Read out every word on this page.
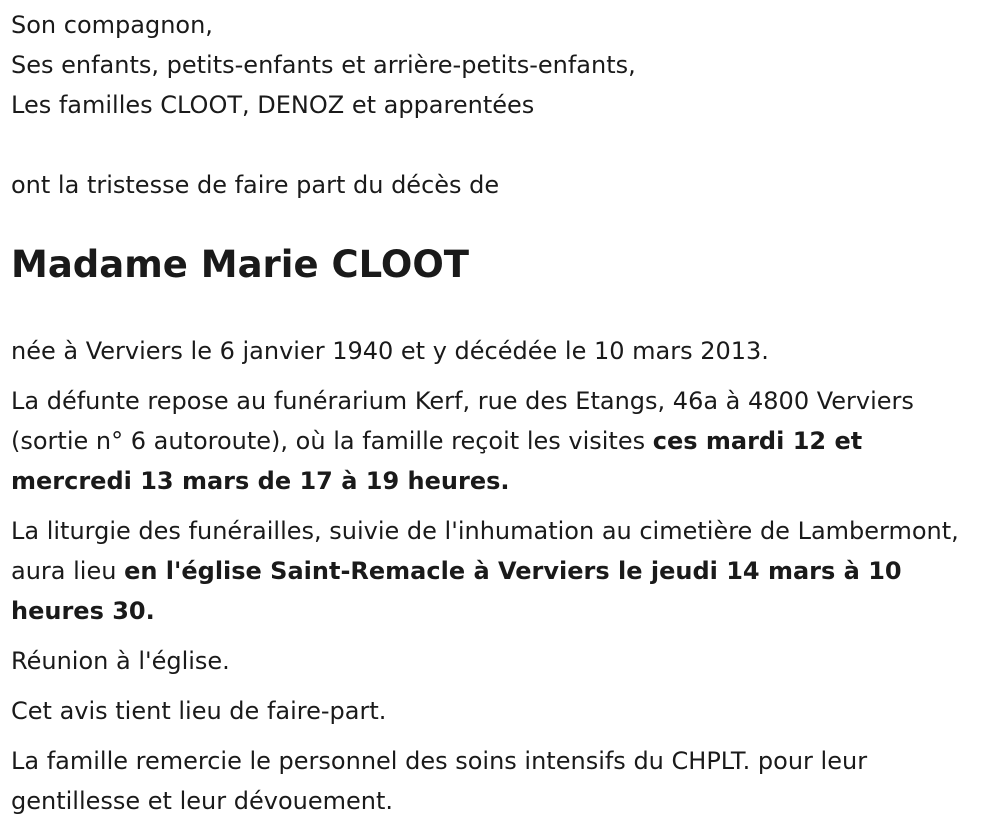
Son compagnon,

Ses enfants, petits-enfants et arrière-petits-enfants,

Les familles CLOOT, DENOZ et apparentées

ont la tristesse de faire part du décès de

Madame Marie CLOOT

née à Verviers le 6 janvier 1940 et y décédée le 10 mars 2013.

La défunte repose au funérarium Kerf, rue des Etangs, 46a à 4800 Verviers (sortie n° 6 autoroute), où la famille reçoit les visites ces mardi 12 et mercredi 13 mars de 17 à 19 heures.

La liturgie des funérailles, suivie de l'inhumation au cimetière de Lambermont, aura lieu en l'église Saint-Remacle à Verviers le jeudi 14 mars à 10 heures 30.

Réunion à l'église.

Cet avis tient lieu de faire-part.

La famille remercie le personnel des soins intensifs du CHPLT. pour leur gentillesse et leur dévouement.
